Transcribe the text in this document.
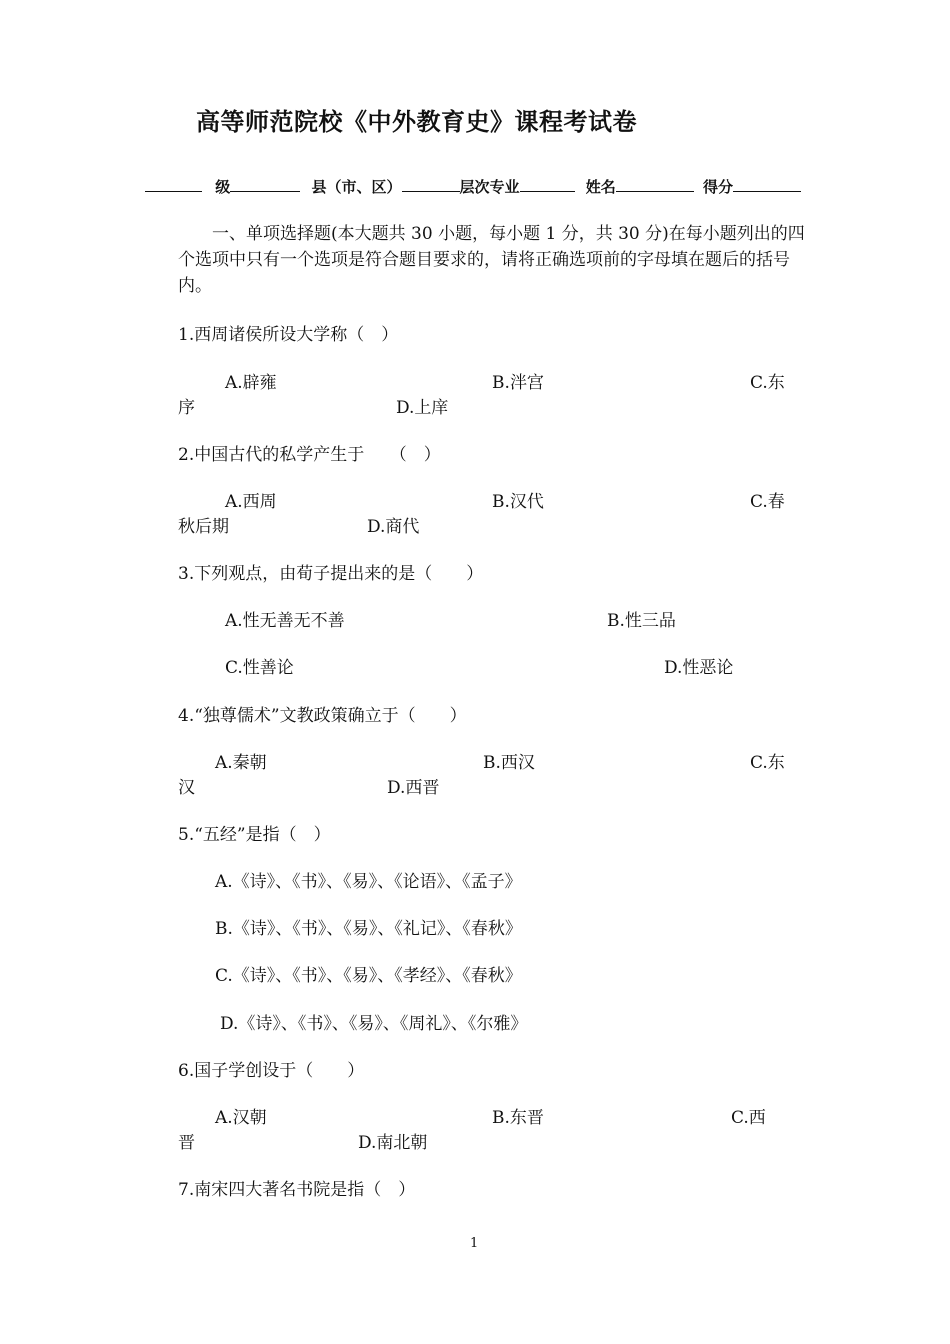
高等师范院校《中外教育史》课程考试卷
级	县（市、区）	层次专业	姓名	得分

一、单项选择题(本大题共 30 小题，每小题 1 分，共 30 分)在每小题列出的四个选项中只有一个选项是符合题目要求的，请将正确选项前的字母填在题后的括号内。

1.西周诸侯所设大学称（　）
A.辟雍	B.泮宫	C.东
序	D.上庠
2.中国古代的私学产生于　　（　）
A.西周	B.汉代	C.春
秋后期	D.商代
3.下列观点，由荀子提出来的是（　　）
A.性无善无不善	B.性三品
C.性善论	D.性恶论
4.“独尊儒术”文教政策确立于（　　）
A.秦朝	B.西汉	C.东
汉	D.西晋
5.“五经”是指（　）
A.《诗》、《书》、《易》、《论语》、《孟子》
B.《诗》、《书》、《易》、《礼记》、《春秋》
C.《诗》、《书》、《易》、《孝经》、《春秋》
D.《诗》、《书》、《易》、《周礼》、《尔雅》
6.国子学创设于（　　）
A.汉朝	B.东晋	C.西
晋	D.南北朝
7.南宋四大著名书院是指（　）
1
